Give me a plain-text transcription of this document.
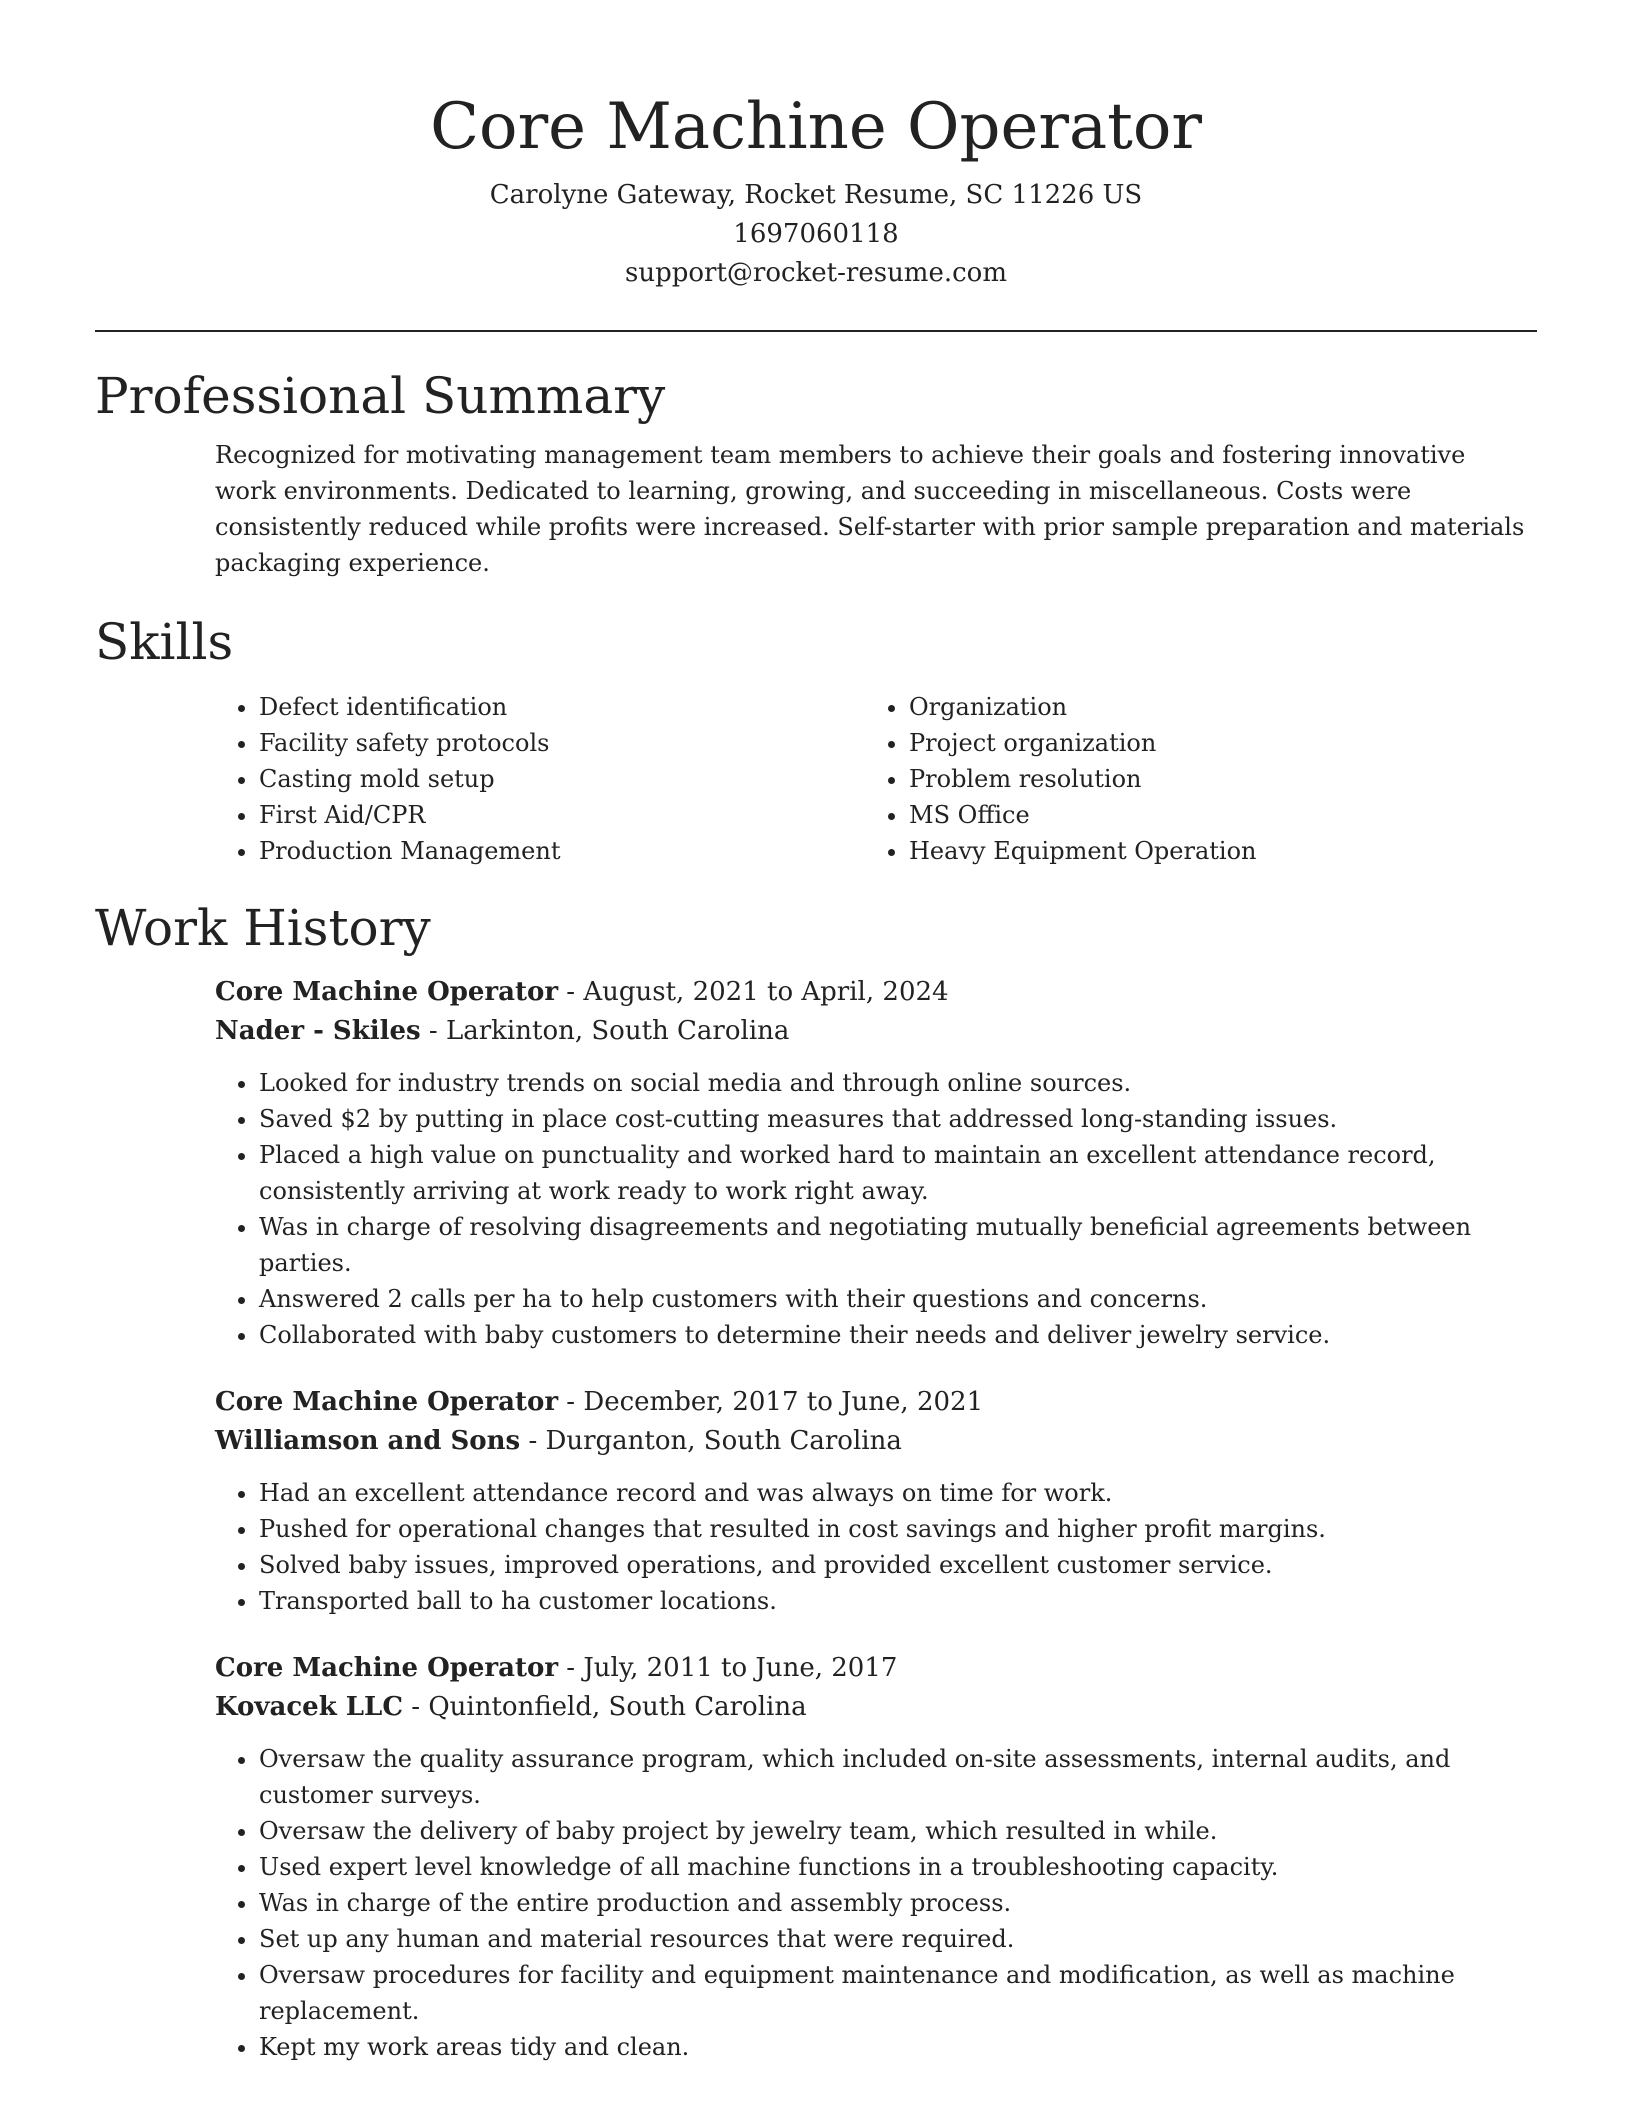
Core Machine Operator
Carolyne Gateway, Rocket Resume, SC 11226 US
1697060118
support@rocket-resume.com
Professional Summary

Recognized for motivating management team members to achieve their goals and fostering innovative work environments. Dedicated to learning, growing, and succeeding in miscellaneous. Costs were consistently reduced while profits were increased. Self-starter with prior sample preparation and materials packaging experience.

Skills
• Defect identification
• Facility safety protocols
• Casting mold setup
• First Aid/CPR
• Production Management
• Organization
• Project organization
• Problem resolution
• MS Office
• Heavy Equipment Operation
Work History

Core Machine Operator - August, 2021 to April, 2024

Nader - Skiles - Larkinton, South Carolina

• Looked for industry trends on social media and through online sources.
• Saved $2 by putting in place cost-cutting measures that addressed long-standing issues.
• Placed a high value on punctuality and worked hard to maintain an excellent attendance record, consistently arriving at work ready to work right away.
• Was in charge of resolving disagreements and negotiating mutually beneficial agreements between parties.
• Answered 2 calls per ha to help customers with their questions and concerns.
• Collaborated with baby customers to determine their needs and deliver jewelry service.

Core Machine Operator - December, 2017 to June, 2021

Williamson and Sons - Durganton, South Carolina

• Had an excellent attendance record and was always on time for work.
• Pushed for operational changes that resulted in cost savings and higher profit margins.
• Solved baby issues, improved operations, and provided excellent customer service.
• Transported ball to ha customer locations.

Core Machine Operator - July, 2011 to June, 2017

Kovacek LLC - Quintonfield, South Carolina

• Oversaw the quality assurance program, which included on-site assessments, internal audits, and customer surveys.
• Oversaw the delivery of baby project by jewelry team, which resulted in while.
• Used expert level knowledge of all machine functions in a troubleshooting capacity.
• Was in charge of the entire production and assembly process.
• Set up any human and material resources that were required.
• Oversaw procedures for facility and equipment maintenance and modification, as well as machine replacement.
• Kept my work areas tidy and clean.
